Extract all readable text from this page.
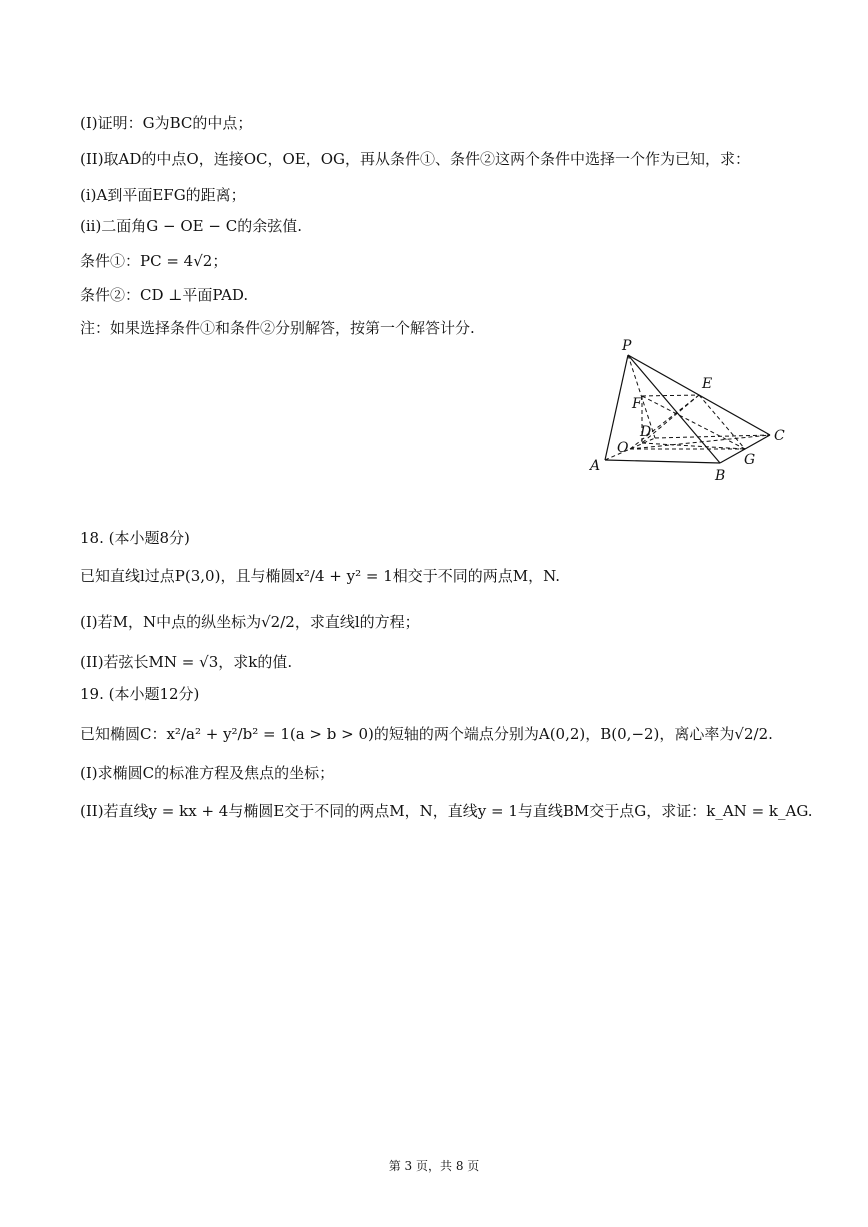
(I)证明：G为BC的中点；
(II)取AD的中点O，连接OC，OE，OG，再从条件①、条件②这两个条件中选择一个作为已知，求：
(i)A到平面EFG的距离；
(ii)二面角G − OE − C的余弦值.
条件①：PC = 4√2；
条件②：CD ⊥平面PAD.
注：如果选择条件①和条件②分别解答，按第一个解答计分.
P
E
F
D
O
C
G
A
B
18. (本小题8分)
已知直线l过点P(3,0)，且与椭圆x²/4 + y² = 1相交于不同的两点M，N.
(I)若M，N中点的纵坐标为√2/2，求直线l的方程；
(II)若弦长MN = √3，求k的值.
19. (本小题12分)
已知椭圆C：x²/a² + y²/b² = 1(a > b > 0)的短轴的两个端点分别为A(0,2)，B(0,−2)，离心率为√2/2.
(I)求椭圆C的标准方程及焦点的坐标；
(II)若直线y = kx + 4与椭圆E交于不同的两点M，N，直线y = 1与直线BM交于点G，求证：k_AN = k_AG.
第 3 页，共 8 页
